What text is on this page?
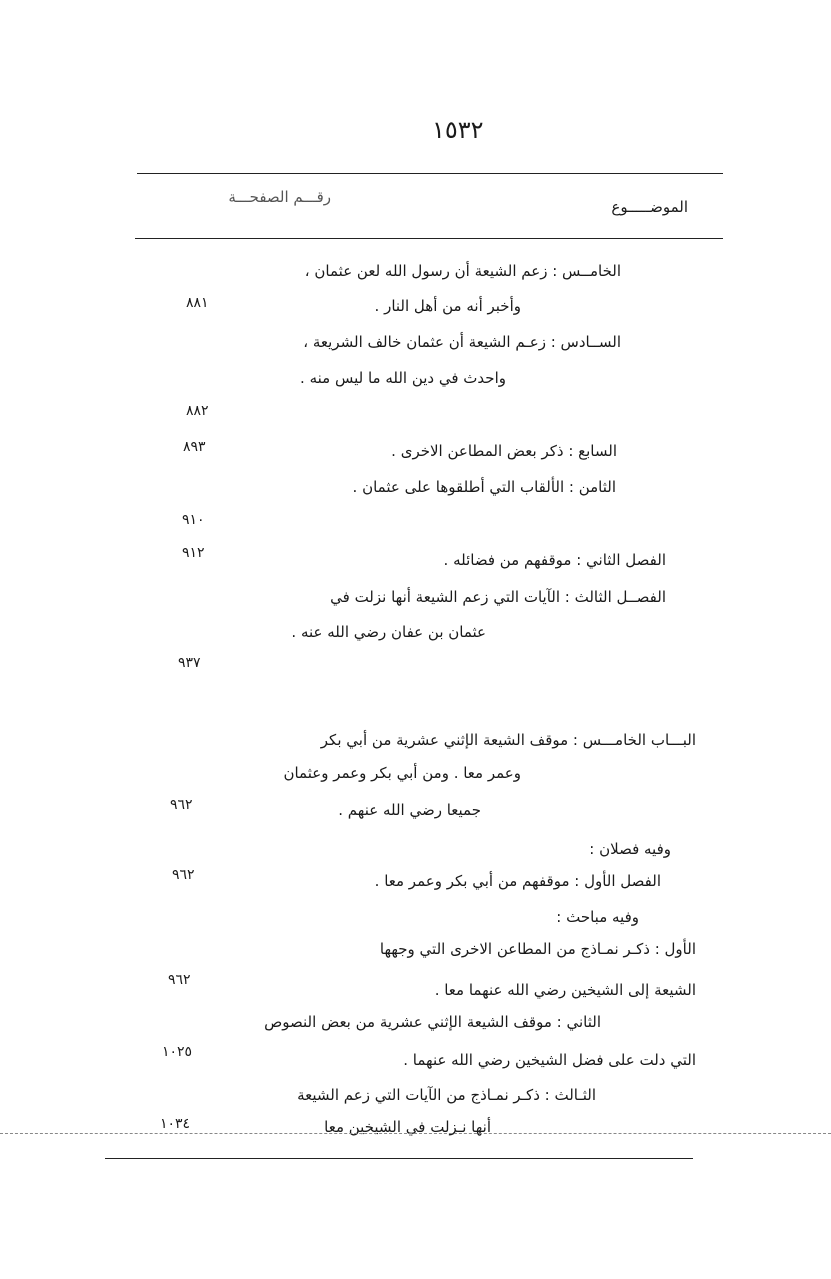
١٥٣٢
الموضـــــوع
رقـــم الصفحـــة
الخامــس : زعم الشيعة أن رسول الله لعن عثمان ،
وأخبر أنه من أهل النار .
٨٨١
الســادس : زعـم الشيعة أن عثمان خالف الشريعة ،
واحدث في دين الله ما ليس منه .
٨٨٢
السابع : ذكر بعض المطاعن الاخرى .
٨٩٣
الثامن : الألقاب التي أطلقوها على عثمان .
٩١٠
الفصل الثاني : موقفهم من فضائله .
٩١٢
الفصــل الثالث : الآيات التي زعم الشيعة أنها نزلت في
عثمان بن عفان رضي الله عنه .
٩٣٧
البـــاب الخامـــس : موقف الشيعة الإثني عشرية من أبي بكر
وعمر معا . ومن أبي بكر وعمر وعثمان
جميعا رضي الله عنهم .
٩٦٢
وفيه فصلان :
الفصل الأول : موقفهم من أبي بكر وعمر معا .
٩٦٢
وفيه مباحث :
الأول : ذكـر نمـاذج من المطاعن الاخرى التي وجهها
الشيعة إلى الشيخين رضي الله عنهما معا .
٩٦٢
الثاني : موقف الشيعة الإثني عشرية من بعض النصوص
التي دلت على فضل الشيخين رضي الله عنهما .
١٠٢٥
الثـالث : ذكـر نمـاذج من الآيات التي زعم الشيعة
أنها نـزلت في الشيخين معا
١٠٣٤
